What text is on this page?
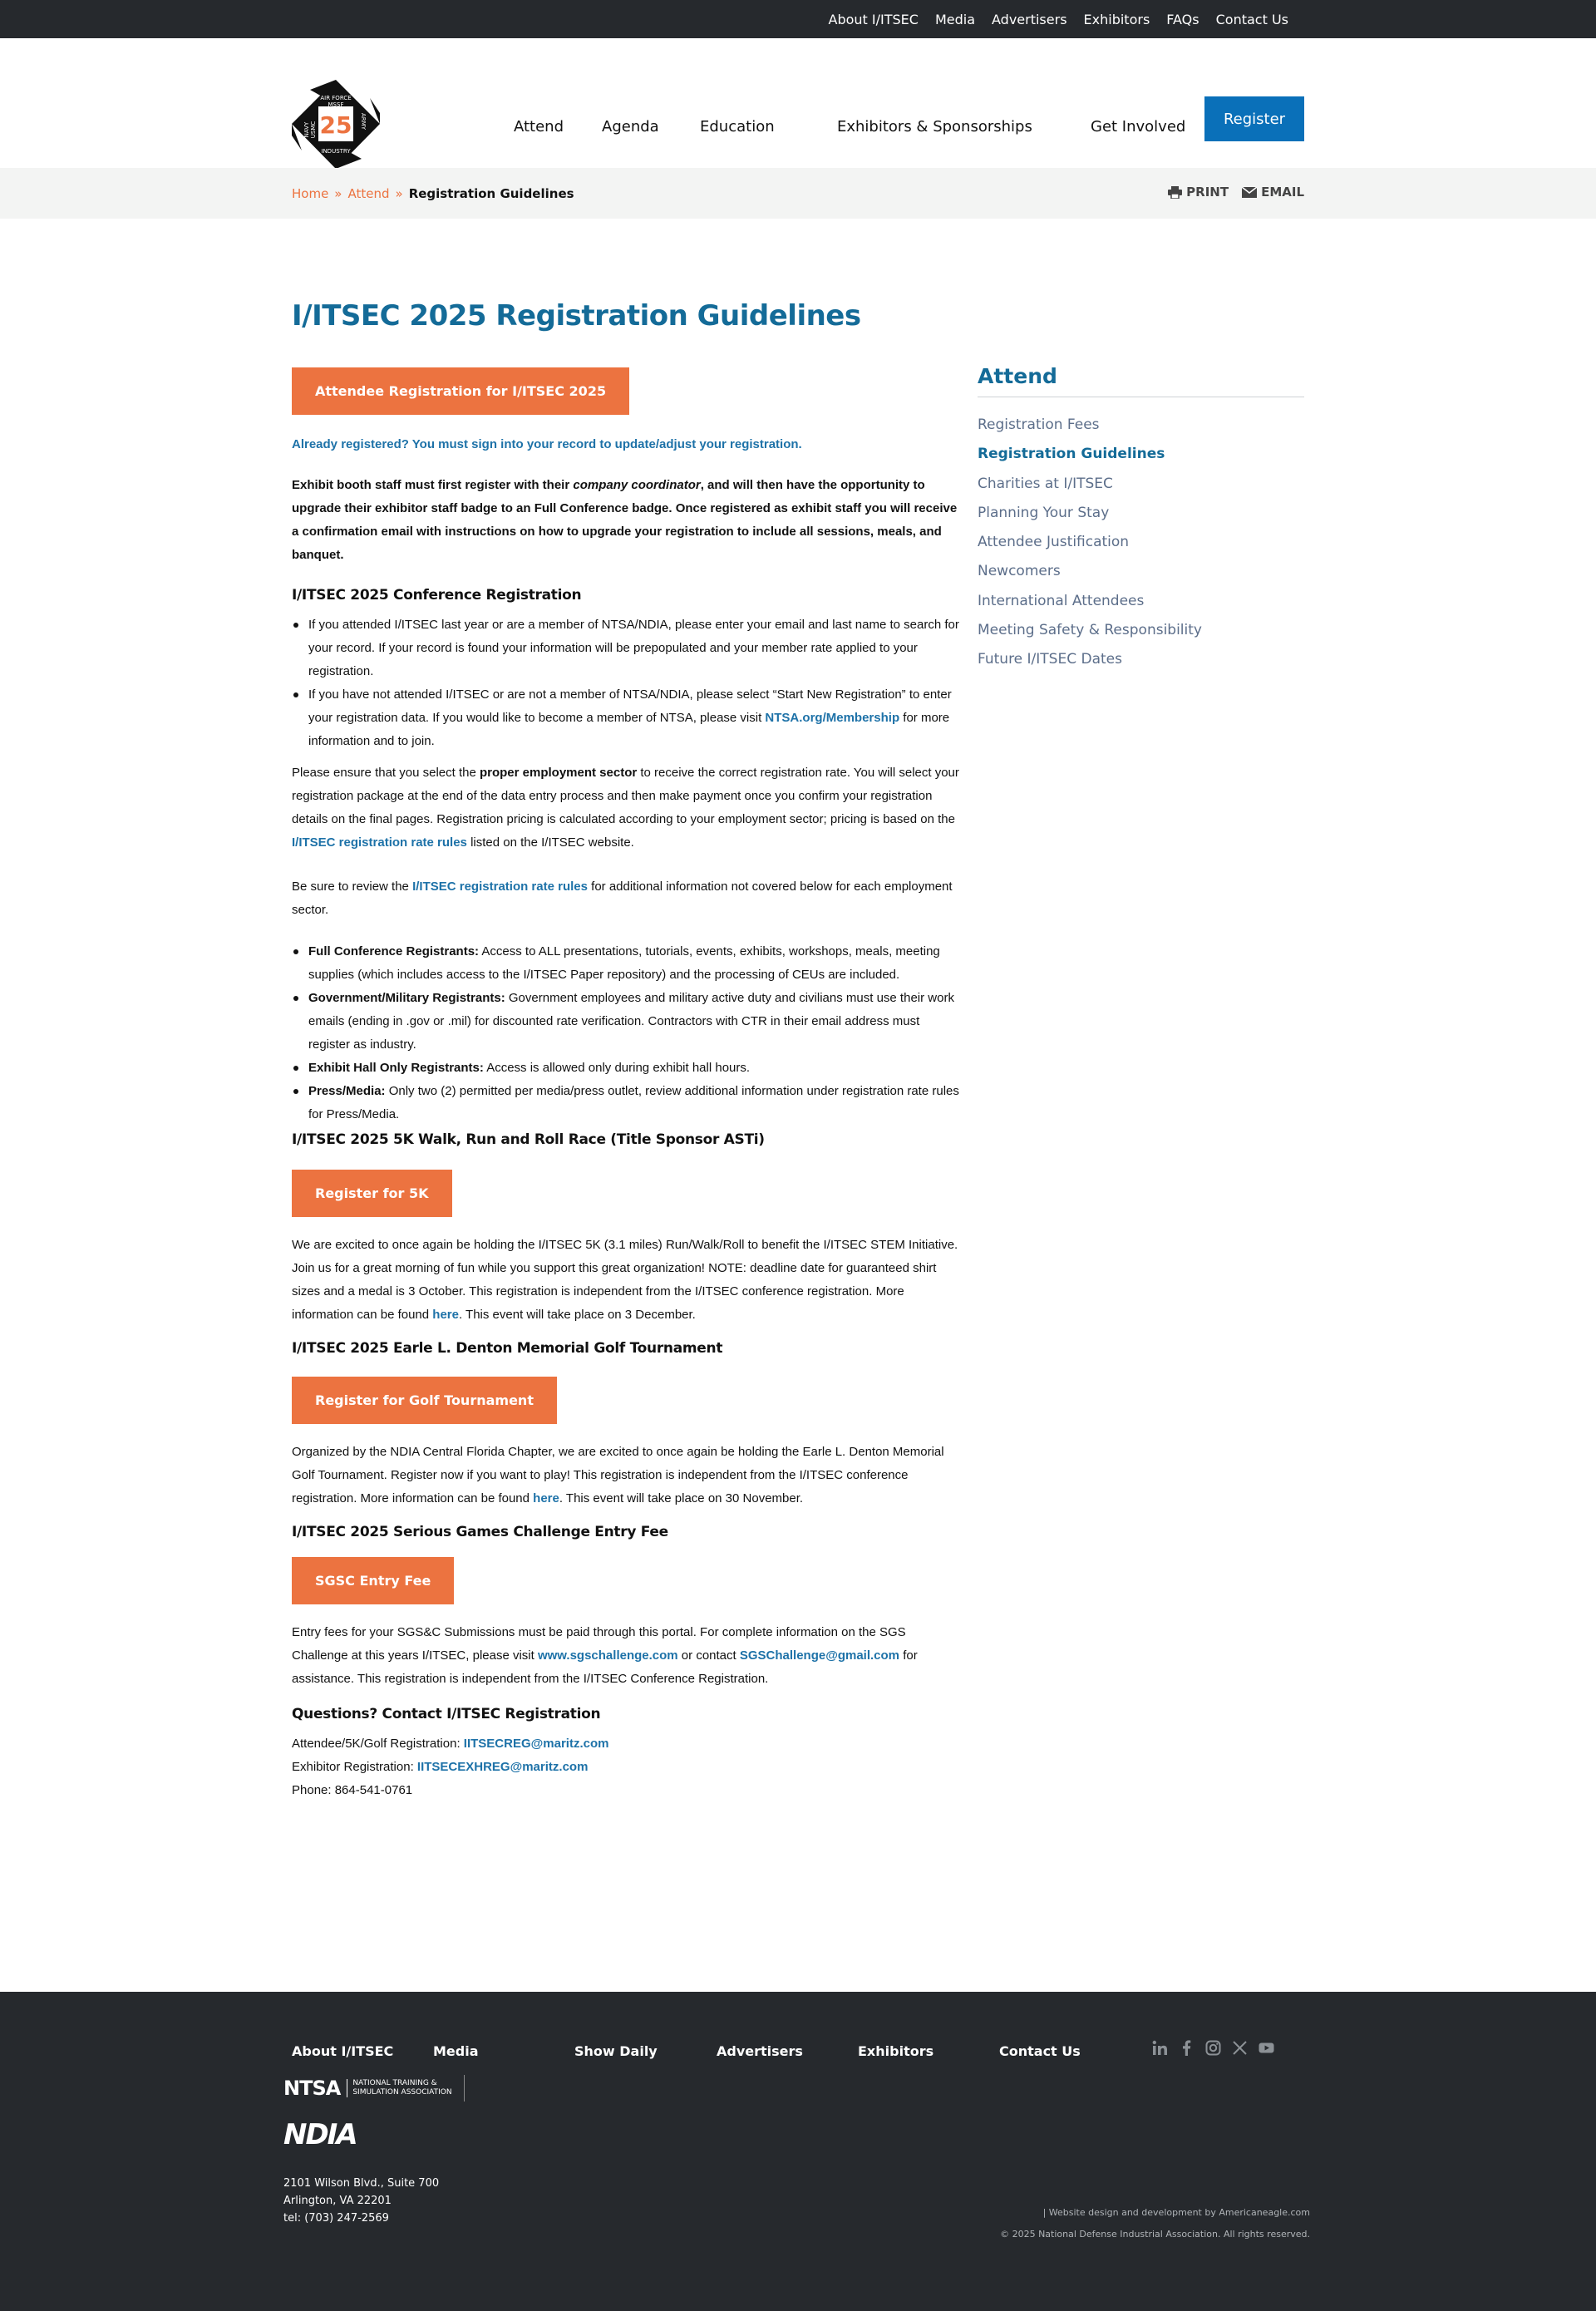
About I/ITSEC Media Advertisers Exhibitors FAQs Contact Us
25
AIR FORCE
MSSF
INDUSTRY
ARMY
NAVY USMC	Attend	Agenda	Education	Exhibitors & Sponsorships	Get Involved	Register
Home » Attend » Registration Guidelines	PRINT	EMAIL
I/ITSEC 2025 Registration Guidelines
Attendee Registration for I/ITSEC 2025

Already registered? You must sign into your record to update/adjust your registration.

Exhibit booth staff must first register with their company coordinator, and will then have the opportunity to upgrade their exhibitor staff badge to an Full Conference badge. Once registered as exhibit staff you will receive a confirmation email with instructions on how to upgrade your registration to include all sessions, meals, and banquet.

I/ITSEC 2025 Conference Registration
If you attended I/ITSEC last year or are a member of NTSA/NDIA, please enter your email and last name to search for your record. If your record is found your information will be prepopulated and your member rate applied to your registration.
If you have not attended I/ITSEC or are not a member of NTSA/NDIA, please select “Start New Registration” to enter your registration data. If you would like to become a member of NTSA, please visit NTSA.org/Membership for more information and to join.

Please ensure that you select the proper employment sector to receive the correct registration rate. You will select your registration package at the end of the data entry process and then make payment once you confirm your registration details on the final pages. Registration pricing is calculated according to your employment sector; pricing is based on the I/ITSEC registration rate rules listed on the I/ITSEC website.

Be sure to review the I/ITSEC registration rate rules for additional information not covered below for each employment sector.

Full Conference Registrants: Access to ALL presentations, tutorials, events, exhibits, workshops, meals, meeting supplies (which includes access to the I/ITSEC Paper repository) and the processing of CEUs are included.
Government/Military Registrants: Government employees and military active duty and civilians must use their work emails (ending in .gov or .mil) for discounted rate verification. Contractors with CTR in their email address must register as industry.
Exhibit Hall Only Registrants: Access is allowed only during exhibit hall hours.
Press/Media: Only two (2) permitted per media/press outlet, review additional information under registration rate rules for Press/Media.
I/ITSEC 2025 5K Walk, Run and Roll Race (Title Sponsor ASTi)
Register for 5K

We are excited to once again be holding the I/ITSEC 5K (3.1 miles) Run/Walk/Roll to benefit the I/ITSEC STEM Initiative. Join us for a great morning of fun while you support this great organization! NOTE: deadline date for guaranteed shirt sizes and a medal is 3 October. This registration is independent from the I/ITSEC conference registration. More information can be found here. This event will take place on 3 December.

I/ITSEC 2025 Earle L. Denton Memorial Golf Tournament
Register for Golf Tournament

Organized by the NDIA Central Florida Chapter, we are excited to once again be holding the Earle L. Denton Memorial Golf Tournament. Register now if you want to play! This registration is independent from the I/ITSEC conference registration. More information can be found here. This event will take place on 30 November.

I/ITSEC 2025 Serious Games Challenge Entry Fee
SGSC Entry Fee

Entry fees for your SGS&C Submissions must be paid through this portal. For complete information on the SGS Challenge at this years I/ITSEC, please visit www.sgschallenge.com or contact SGSChallenge@gmail.com for assistance. This registration is independent from the I/ITSEC Conference Registration.

Questions? Contact I/ITSEC Registration

Attendee/5K/Golf Registration: IITSECREG@maritz.com

Exhibitor Registration: IITSECEXHREG@maritz.com

Phone: 864-541-0761

Attend
Registration Fees
Registration Guidelines
Charities at I/ITSEC
Planning Your Stay
Attendee Justification
Newcomers
International Attendees
Meeting Safety & Responsibility
Future I/ITSEC Dates
About I/ITSEC	Media	Show Daily	Advertisers	Exhibitors	Contact Us
NTSA	NATIONAL TRAINING &
SIMULATION ASSOCIATION
NDIA
2101 Wilson Blvd., Suite 700
Arlington, VA 22201
tel: (703) 247-2569	| Website design and development by Americaneagle.com
© 2025 National Defense Industrial Association. All rights reserved.
